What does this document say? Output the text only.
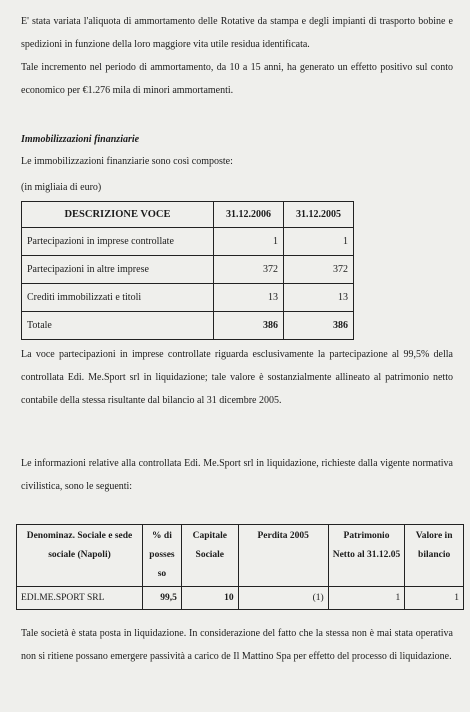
E' stata variata l'aliquota di ammortamento delle Rotative da stampa e degli impianti di trasporto bobine e spedizioni in funzione della loro maggiore vita utile residua identificata.

Tale incremento nel periodo di ammortamento, da 10 a 15 anni, ha generato un effetto positivo sul conto economico per €1.276 mila di minori ammortamenti.

Immobilizzazioni finanziarie

Le immobilizzazioni finanziarie sono così composte:

(in migliaia di euro)

DESCRIZIONE VOCE	31.12.2006	31.12.2005
Partecipazioni in imprese controllate	1	1
Partecipazioni in altre imprese	372	372
Crediti immobilizzati e titoli	13	13
Totale	386	386

La voce partecipazioni in imprese controllate riguarda esclusivamente la partecipazione al 99,5% della controllata Edi. Me.Sport srl in liquidazione; tale valore è sostanzialmente allineato al patrimonio netto contabile della stessa risultante dal bilancio al 31 dicembre 2005.

Le informazioni relative alla controllata Edi. Me.Sport srl in liquidazione, richieste dalla vigente normativa civilistica, sono le seguenti:

Denominaz. Sociale e sede sociale (Napoli)	% di posses so	Capitale Sociale	Perdita 2005	Patrimonio Netto al 31.12.05	Valore in bilancio
EDI.ME.SPORT SRL	99,5	10	(1)	1	1

Tale società è stata posta in liquidazione. In considerazione del fatto che la stessa non è mai stata operativa non si ritiene possano emergere passività a carico de Il Mattino Spa per effetto del processo di liquidazione.
